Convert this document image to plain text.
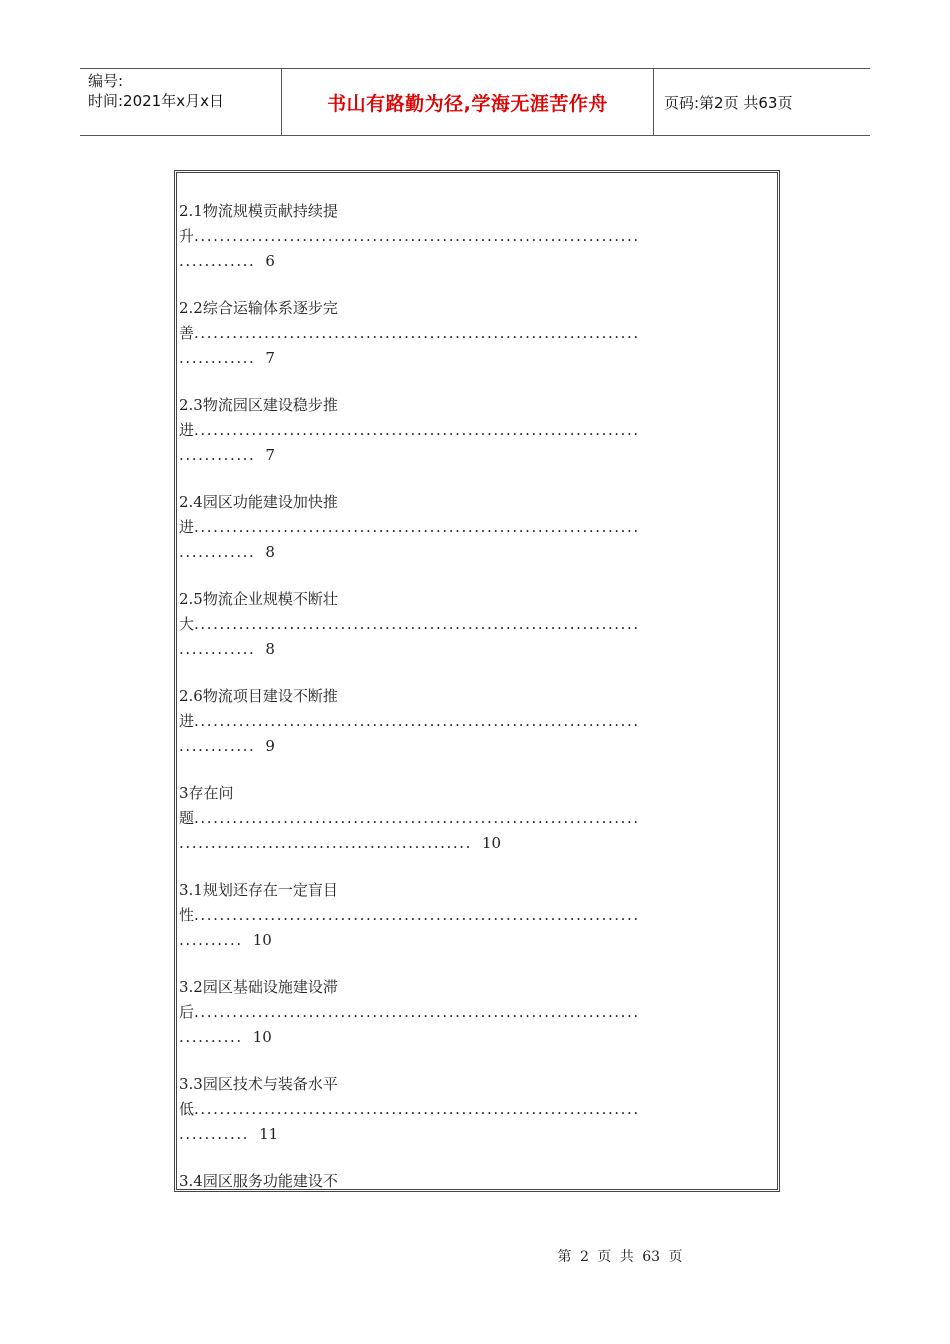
编号:
时间:2021年x月x日	书山有路勤为径,学海无涯苦作舟	页码:第2页 共63页
2.1物流规模贡献持续提
升......................................................................
............ 6
2.2综合运输体系逐步完
善......................................................................
............ 7
2.3物流园区建设稳步推
进......................................................................
............ 7
2.4园区功能建设加快推
进......................................................................
............ 8
2.5物流企业规模不断壮
大......................................................................
............ 8
2.6物流项目建设不断推
进......................................................................
............ 9
3存在问
题......................................................................
.............................................. 10
3.1规划还存在一定盲目
性......................................................................
.......... 10
3.2园区基础设施建设滞
后......................................................................
.......... 10
3.3园区技术与装备水平
低......................................................................
........... 11
3.4园区服务功能建设不
第 2 页 共 63 页
